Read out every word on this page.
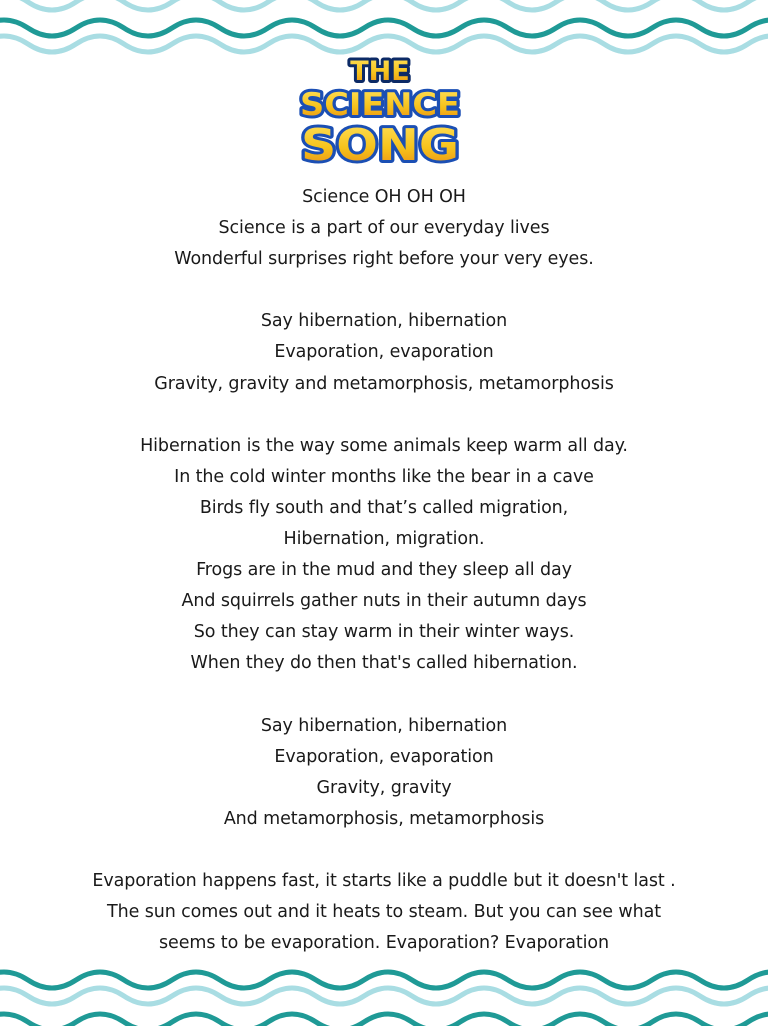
THE
SCIENCE
SONG
Science OH OH OH
Science is a part of our everyday lives
Wonderful surprises right before your very eyes.
Say hibernation, hibernation
Evaporation, evaporation
Gravity, gravity and metamorphosis, metamorphosis
Hibernation is the way some animals keep warm all day.
In the cold winter months like the bear in a cave
Birds fly south and that’s called migration,
Hibernation, migration.
Frogs are in the mud and they sleep all day
And squirrels gather nuts in their autumn days
So they can stay warm in their winter ways.
When they do then that's called hibernation.
Say hibernation, hibernation
Evaporation, evaporation
Gravity, gravity
And metamorphosis, metamorphosis
Evaporation happens fast, it starts like a puddle but it doesn't last . The sun comes out and it heats to steam. But you can see what seems to be evaporation. Evaporation? Evaporation
